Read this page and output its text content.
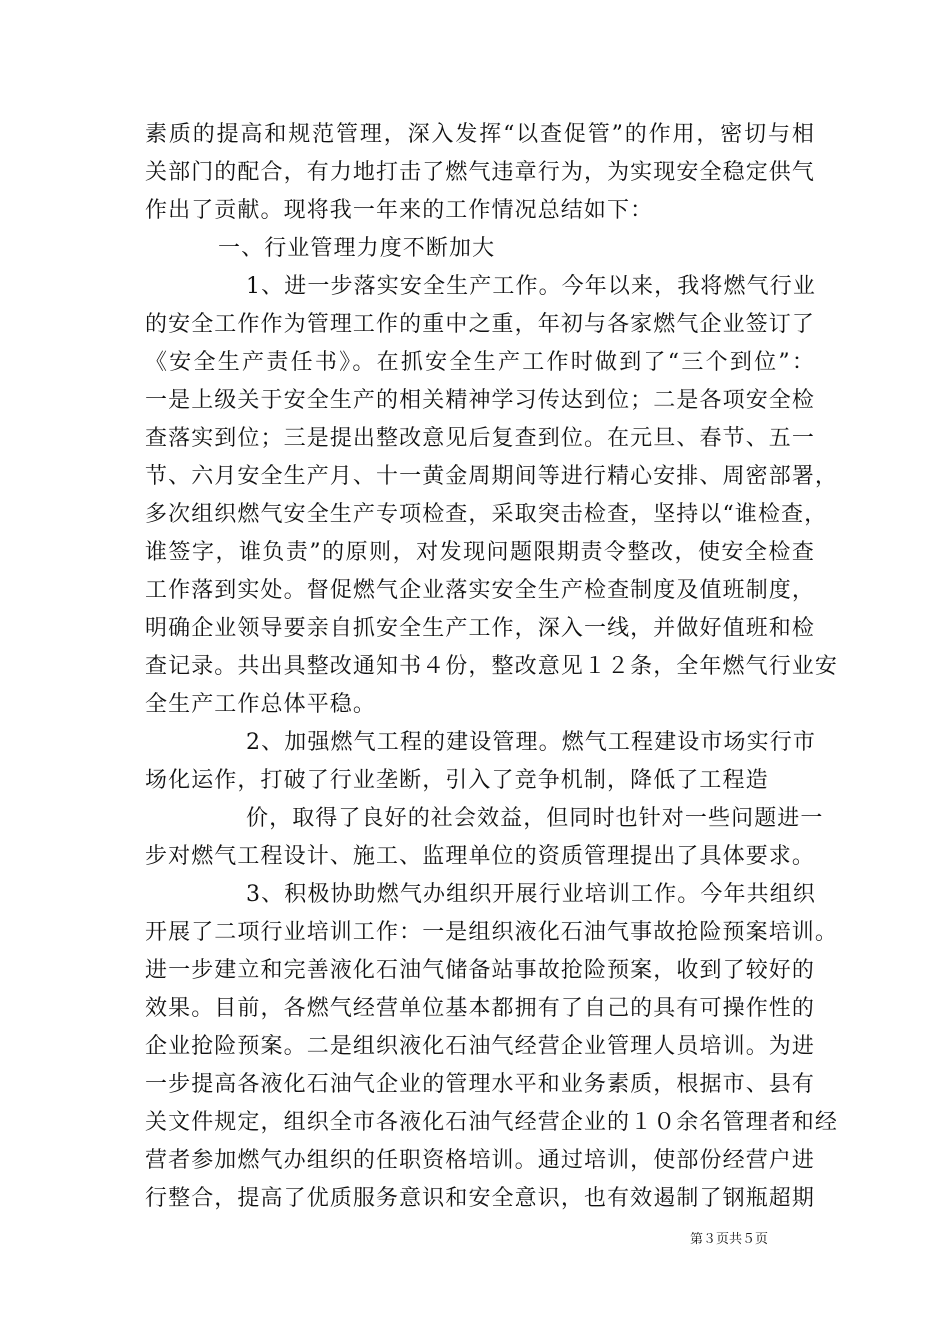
素质的提高和规范管理，深入发挥“以查促管”的作用，密切与相
关部门的配合，有力地打击了燃气违章行为，为实现安全稳定供气
作出了贡献。现将我一年来的工作情况总结如下：
一、行业管理力度不断加大
1、进一步落实安全生产工作。今年以来，我将燃气行业
的安全工作作为管理工作的重中之重，年初与各家燃气企业签订了
《安全生产责任书》。在抓安全生产工作时做到了“三个到位”：
一是上级关于安全生产的相关精神学习传达到位；二是各项安全检
查落实到位；三是提出整改意见后复查到位。在元旦、春节、五一
节、六月安全生产月、十一黄金周期间等进行精心安排、周密部署，
多次组织燃气安全生产专项检查，采取突击检查，坚持以“谁检查，
谁签字，谁负责”的原则，对发现问题限期责令整改，使安全检查
工作落到实处。督促燃气企业落实安全生产检查制度及值班制度，
明确企业领导要亲自抓安全生产工作，深入一线，并做好值班和检
查记录。共出具整改通知书４份，整改意见１２条，全年燃气行业安
全生产工作总体平稳。
2、加强燃气工程的建设管理。燃气工程建设市场实行市
场化运作，打破了行业垄断，引入了竞争机制，降低了工程造
价，取得了良好的社会效益，但同时也针对一些问题进一
步对燃气工程设计、施工、监理单位的资质管理提出了具体要求。
3、积极协助燃气办组织开展行业培训工作。今年共组织
开展了二项行业培训工作：一是组织液化石油气事故抢险预案培训。
进一步建立和完善液化石油气储备站事故抢险预案，收到了较好的
效果。目前，各燃气经营单位基本都拥有了自己的具有可操作性的
企业抢险预案。二是组织液化石油气经营企业管理人员培训。为进
一步提高各液化石油气企业的管理水平和业务素质，根据市、县有
关文件规定，组织全市各液化石油气经营企业的１０余名管理者和经
营者参加燃气办组织的任职资格培训。通过培训，使部份经营户进
行整合，提高了优质服务意识和安全意识，也有效遏制了钢瓶超期
第３页共５页
